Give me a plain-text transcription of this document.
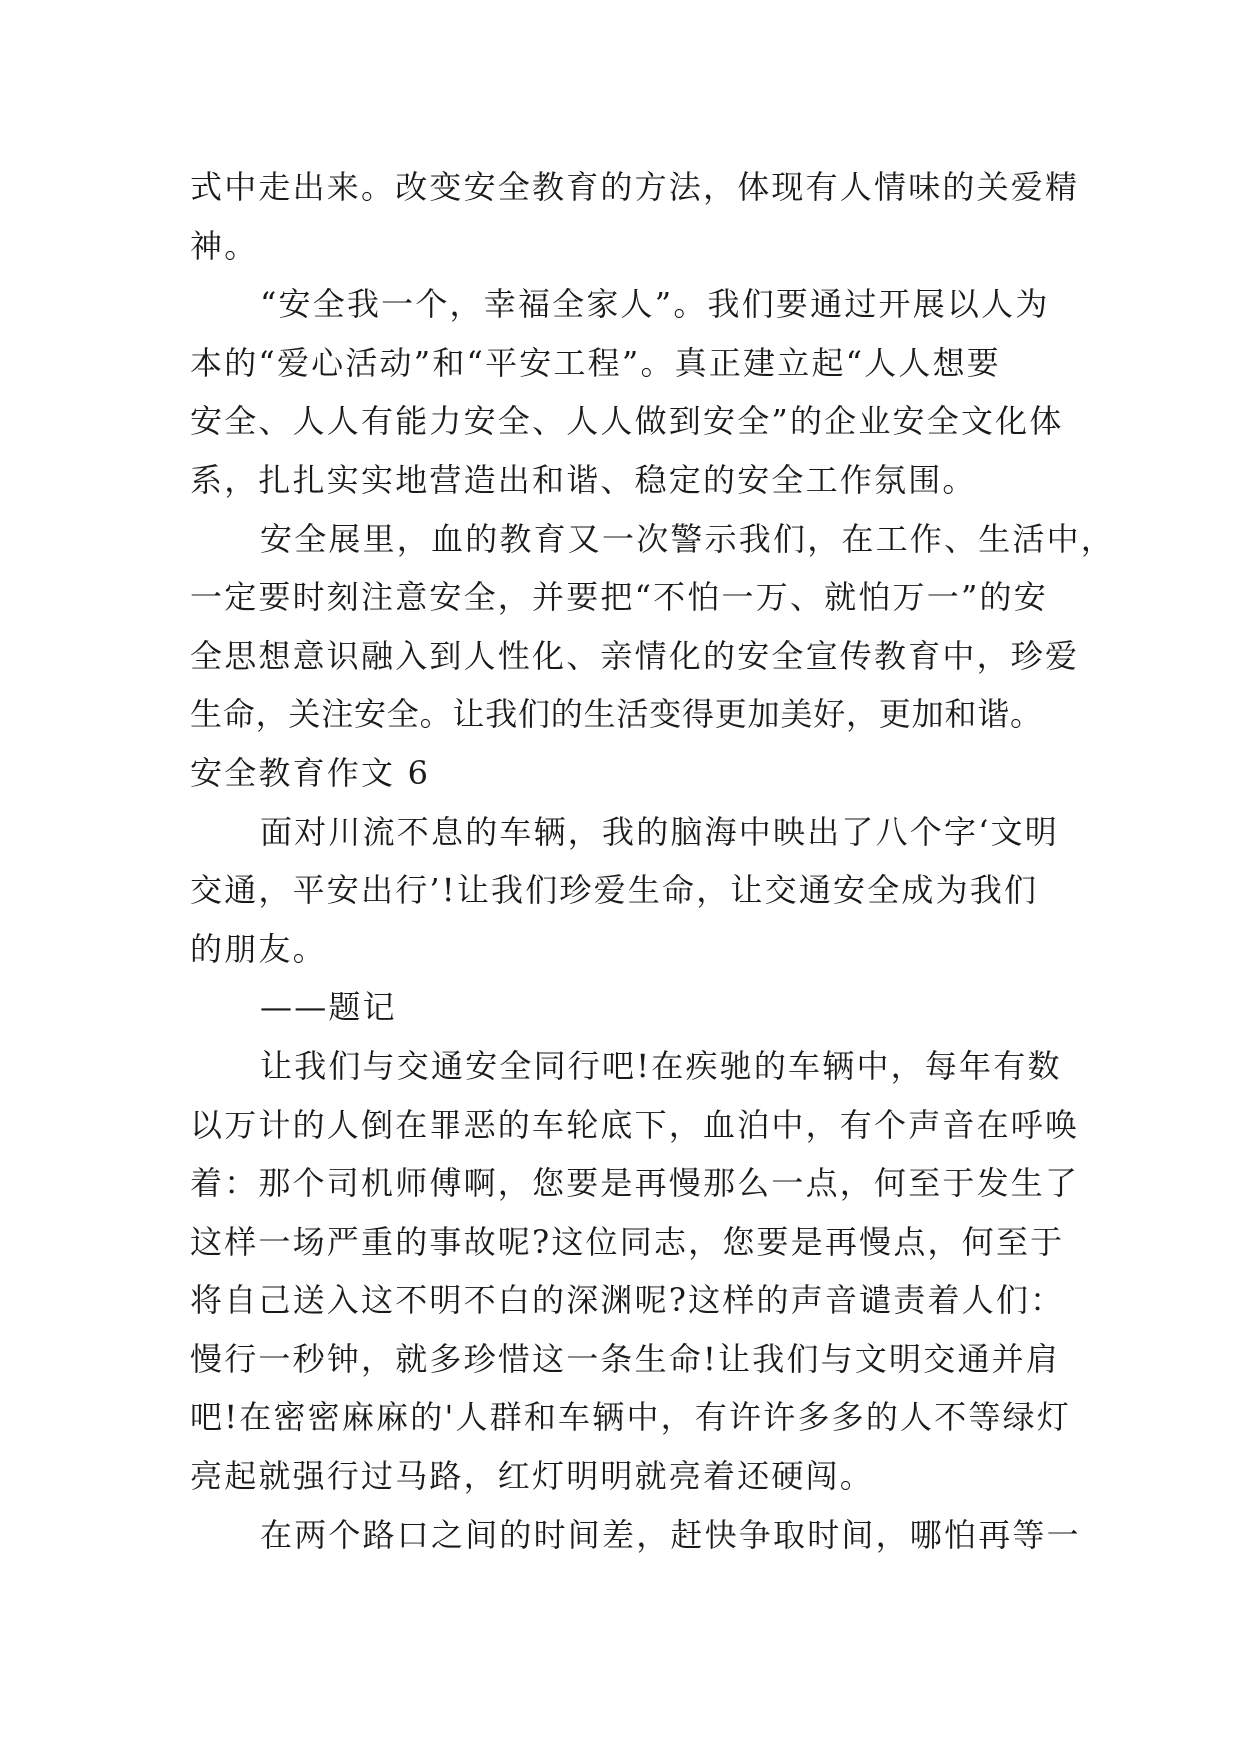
式中走出来。改变安全教育的方法，体现有人情味的关爱精
神。
“安全我一个，幸福全家人”。我们要通过开展以人为
本的“爱心活动”和“平安工程”。真正建立起“人人想要
安全、人人有能力安全、人人做到安全”的企业安全文化体
系，扎扎实实地营造出和谐、稳定的安全工作氛围。
安全展里，血的教育又一次警示我们，在工作、生活中，
一定要时刻注意安全，并要把“不怕一万、就怕万一”的安
全思想意识融入到人性化、亲情化的安全宣传教育中，珍爱
生命，关注安全。让我们的生活变得更加美好，更加和谐。
安全教育作文 6
面对川流不息的车辆，我的脑海中映出了八个字‘文明
交通，平安出行’!让我们珍爱生命，让交通安全成为我们
的朋友。
——题记
让我们与交通安全同行吧!在疾驰的车辆中，每年有数
以万计的人倒在罪恶的车轮底下，血泊中，有个声音在呼唤
着：那个司机师傅啊，您要是再慢那么一点，何至于发生了
这样一场严重的事故呢?这位同志，您要是再慢点，何至于
将自己送入这不明不白的深渊呢?这样的声音谴责着人们：
慢行一秒钟，就多珍惜这一条生命!让我们与文明交通并肩
吧!在密密麻麻的'人群和车辆中，有许许多多的人不等绿灯
亮起就强行过马路，红灯明明就亮着还硬闯。
在两个路口之间的时间差，赶快争取时间，哪怕再等一
